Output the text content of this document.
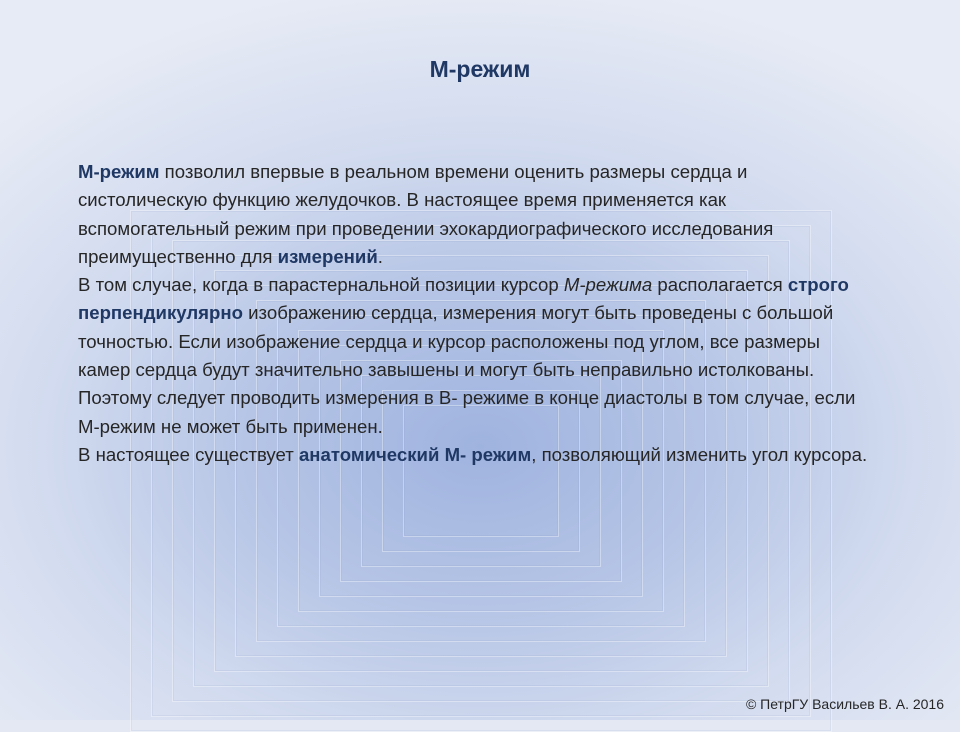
М-режим

М-режим позволил впервые в реальном времени оценить размеры сердца и систолическую функцию желудочков. В настоящее время применяется как вспомогательный режим при проведении эхокардиографического исследования преимущественно для измерений.

В том случае, когда в парастернальной позиции курсор М-режима располагается строго перпендикулярно изображению сердца, измерения могут быть проведены с большой точностью. Если изображение сердца и курсор расположены под углом, все размеры камер сердца будут значительно завышены и могут быть неправильно истолкованы. Поэтому следует проводить измерения в В- режиме в конце диастолы в том случае, если М-режим не может быть применен.

В настоящее существует анатомический М- режим, позволяющий изменить угол курсора.

© ПетрГУ Васильев В. А. 2016
